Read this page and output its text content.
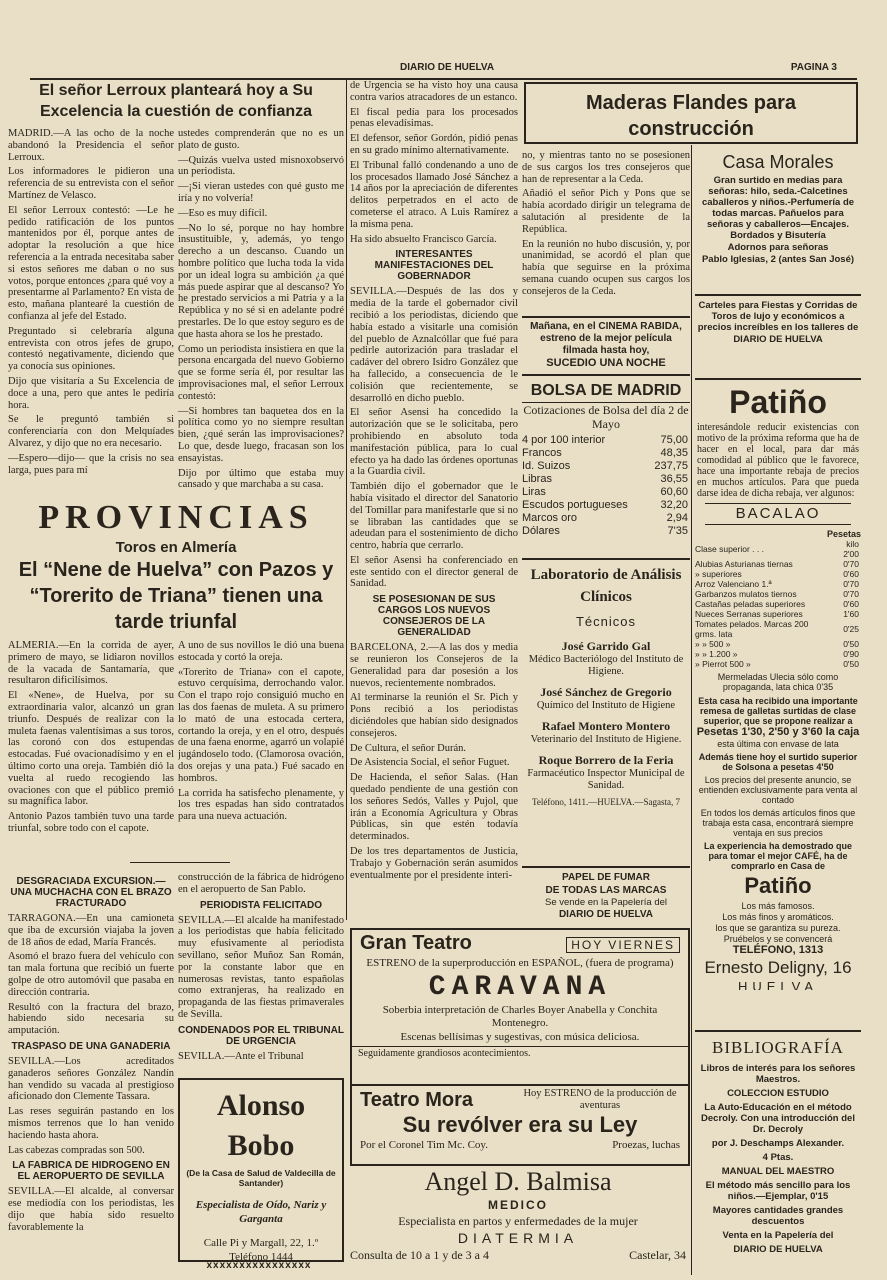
DIARIO DE HUELVA	PAGINA 3
El señor Lerroux planteará hoy a Su Excelencia la cuestión de confianza

MADRID.—A las ocho de la noche abandonó la Presidencia el señor Lerroux.

Los informadores le pidieron una referencia de su entrevista con el señor Martínez de Velasco.

El señor Lerroux contestó: —Le he pedido ratificación de los puntos mantenidos por él, porque antes de adoptar la resolución a que hice referencia a la entrada necesitaba saber si estos señores me daban o no sus votos, porque entonces ¿para qué voy a presentarme al Parlamento? En vista de esto, mañana plantearé la cuestión de confianza al jefe del Estado.

Preguntado si celebraría alguna entrevista con otros jefes de grupo, contestó negativamente, diciendo que ya conocía sus opiniones.

Dijo que visitaría a Su Excelencia de doce a una, pero que antes le pediría hora.

Se le preguntó también si conferenciaría con don Melquíades Alvarez, y dijo que no era necesario.

—Espero—dijo— que la crisis no sea larga, pues para mí

ustedes comprenderán que no es un plato de gusto.

—Quizás vuelva usted misnoxobservó un periodista.

—¡Si vieran ustedes con qué gusto me iría y no volvería!

—Eso es muy difícil.

—No lo sé, porque no hay hombre insustituible, y, además, yo tengo derecho a un descanso. Cuando un hombre político que lucha toda la vida por un ideal logra su ambición ¿a qué más puede aspirar que al descanso? Yo he prestado servicios a mi Patria y a la República y no sé si en adelante podré prestarles. De lo que estoy seguro es de que hasta ahora se los he prestado.

Como un periodista insistiera en que la persona encargada del nuevo Gobierno que se forme sería él, por resultar las improvisaciones mal, el señor Lerroux contestó:

—Si hombres tan baquetea dos en la política como yo no siempre resultan bien, ¿qué serán las improvisaciones? Lo que, desde luego, fracasan son los ensayistas.

Dijo por último que estaba muy cansado y que marchaba a su casa.

PROVINCIAS
Toros en Almería
El “Nene de Huelva” con Pazos y “Torerito de Triana” tienen una tarde triunfal

ALMERIA.—En la corrida de ayer, primero de mayo, se lidiaron novillos de la vacada de Santamaría, que resultaron dificilísimos.

El «Nene», de Huelva, por su extraordinaria valor, alcanzó un gran triunfo. Después de realizar con la muleta faenas valentísimas a sus toros, las coronó con dos estupendas estocadas. Fué ovacionadísimo y en el último corto una oreja. También dió la vuelta al ruedo recogiendo las ovaciones con que el público premió su magnífica labor.

Antonio Pazos también tuvo una tarde triunfal, sobre todo con el capote.

A uno de sus novillos le dió una buena estocada y cortó la oreja.

«Torerito de Triana» con el capote, estuvo cerquísima, derrochando valor. Con el trapo rojo consiguió mucho en las dos faenas de muleta. A su primero lo mató de una estocada certera, cortando la oreja, y en el otro, después de una faena enorme, agarró un volapié jugándoselo todo. (Clamorosa ovación, dos orejas y una pata.) Fué sacado en hombros.

La corrida ha satisfecho plenamente, y los tres espadas han sido contratados para una nueva actuación.

DESGRACIADA EXCURSION.—UNA MUCHACHA CON EL BRAZO FRACTURADO

TARRAGONA.—En una camioneta que iba de excursión viajaba la joven de 18 años de edad, María Francés.

Asomó el brazo fuera del vehículo con tan mala fortuna que recibió un fuerte golpe de otro automóvil que pasaba en dirección contraria.

Resultó con la fractura del brazo, habiendo sido necesaria su amputación.

TRASPASO DE UNA GANADERIA

SEVILLA.—Los acreditados ganaderos señores González Nandín han vendido su vacada al prestigioso aficionado don Clemente Tassara.

Las reses seguirán pastando en los mismos terrenos que lo han venido haciendo hasta ahora.

Las cabezas compradas son 500.

LA FABRICA DE HIDROGENO EN EL AEROPUERTO DE SEVILLA

SEVILLA.—El alcalde, al conversar ese mediodía con los periodistas, les dijo que había sido resuelto favorablemente la

construcción de la fábrica de hidrógeno en el aeropuerto de San Pablo.

PERIODISTA FELICITADO

SEVILLA.—El alcalde ha manifestado a los periodistas que había felicitado muy efusivamente al periodista sevillano, señor Muñoz San Román, por la constante labor que en numerosas revistas, tanto españolas como extranjeras, ha realizado en propaganda de las fiestas primaverales de Sevilla.

CONDENADOS POR EL TRIBUNAL DE URGENCIA

SEVILLA.—Ante el Tribunal

Alonso Bobo
(De la Casa de Salud de Valdecilla de Santander)
Especialista de Oído, Nariz y Garganta
Calle Pi y Margall, 22, 1.º
Teléfono 1444
xxxxxxxxxxxxxxxx

de Urgencia se ha visto hoy una causa contra varios atracadores de un estanco.

El fiscal pedía para los procesados penas elevadísimas.

El defensor, señor Gordón, pidió penas en su grado mínimo alternativamente.

El Tribunal falló condenando a uno de los procesados llamado José Sánchez a 14 años por la apreciación de diferentes delitos perpetrados en el acto de cometerse el atraco. A Luis Ramírez a la misma pena.

Ha sido absuelto Francisco García.

INTERESANTES MANIFESTACIONES DEL GOBERNADOR

SEVILLA.—Después de las dos y media de la tarde el gobernador civil recibió a los periodistas, diciendo que había estado a visitarle una comisión del pueblo de Aznalcóllar que fué para pedirle autorización para trasladar el cadáver del obrero Isidro González que ha fallecido, a consecuencia de le colisión que recientemente, se desarrolló en dicho pueblo.

El señor Asensi ha concedido la autorización que se le solicitaba, pero prohibiendo en absoluto toda manifestación pública, para lo cual efecto ya ha dado las órdenes oportunas a la Guardia civil.

También dijo el gobernador que le había visitado el director del Sanatorio del Tomillar para manifestarle que si no se libraban las cantidades que se adeudan para el sostenimiento de dicho centro, habría que cerrarlo.

El señor Asensi ha conferenciado en este sentido con el director general de Sanidad.

SE POSESIONAN DE SUS CARGOS LOS NUEVOS CONSEJEROS DE LA GENERALIDAD

BARCELONA, 2.—A las dos y media se reunieron los Consejeros de la Generalidad para dar posesión a los nuevos, recientemente nombrados.

Al terminarse la reunión el Sr. Pich y Pons recibió a los periodistas diciéndoles que habían sido designados consejeros.

De Cultura, el señor Durán.

De Asistencia Social, el señor Fuguet.

De Hacienda, el señor Salas. (Han quedado pendiente de una gestión con los señores Sedós, Valles y Pujol, que irán a Economía Agricultura y Obras Públicas, sin que estén todavía determinados.

De los tres departamentos de Justicia, Trabajo y Gobernación serán asumidos eventualmente por el presidente interi-

Maderas Flandes para construcción

no, y mientras tanto no se posesionen de sus cargos los tres consejeros que han de representar a la Ceda.

Añadió el señor Pich y Pons que se había acordado dirigir un telegrama de salutación al presidente de la República.

En la reunión no hubo discusión, y, por unanimidad, se acordó el plan que había que seguirse en la próxima semana cuando ocupen sus cargos los consejeros de la Ceda.

Mañana, en el CINEMA RABIDA, estreno de la mejor película filmada hasta hoy,
SUCEDIO UNA NOCHE
BOLSA DE MADRID
Cotizaciones de Bolsa del día 2 de Mayo
4 por 100 interior	75,00
Francos	48,35
Id. Suizos	237,75
Libras	36,55
Liras	60,60
Escudos portugueses	32,20
Marcos oro	2,94
Dólares	7'35
Laboratorio de Análisis Clínicos
Técnicos
José Garrido Gal
Médico Bacteriólogo del Instituto de Higiene.
José Sánchez de Gregorio
Químico del Instituto de Higiene
Rafael Montero Montero
Veterinario del Instituto de Higiene.
Roque Borrero de la Feria
Farmacéutico Inspector Municipal de Sanidad.
Teléfono, 1411.—HUELVA.—Sagasta, 7
PAPEL DE FUMAR
DE TODAS LAS MARCAS
Se vende en la Papelería del
DIARIO DE HUELVA
Gran Teatro	HOY VIERNES
ESTRENO de la superproducción en ESPAÑOL, (fuera de programa)
CARAVANA
Soberbia interpretación de Charles Boyer Anabella y Conchita Montenegro.
Escenas bellísimas y sugestivas, con música deliciosa.
Seguidamente grandiosos acontecimientos.
Teatro Mora	Hoy ESTRENO de la producción de aventuras
Su revólver era su Ley
Por el Coronel Tim Mc. Coy.	Proezas, luchas
Angel D. Balmisa
MEDICO
Especialista en partos y enfermedades de la mujer
DIATERMIA
Consulta de 10 a 1 y de 3 a 4	Castelar, 34
Casa Morales
Gran surtido en medias para señoras: hilo, seda.-Calcetines caballeros y niños.-Perfumería de todas marcas. Pañuelos para señoras y caballeros—Encajes. Bordados y Bisutería
Adornos para señoras
Pablo Iglesias, 2 (antes San José)
Carteles para Fiestas y Corridas de Toros de lujo y económicos a precios increíbles en los talleres de
DIARIO DE HUELVA
Patiño

interesándole reducir existencias con motivo de la próxima reforma que ha de hacer en el local, para dar más comodidad al público que le favorece, hace una importante rebaja de precios en muchos artículos. Para que pueda darse idea de dicha rebaja, ver algunos:

BACALAO
Pesetas
Clase superior . . .	kilo 2'00
Alubias Asturianas tiernas	0'70
» superiores	0'60
Arroz Valenciano 1.ª	0'70
Garbanzos mulatos tiernos	0'70
Castañas peladas superiores	0'60
Nueces Serranas superiores	1'60
Tomates pelados. Marcas 200 grms. lata	0'25
» » 500 »	0'50
» » 1.200 »	0'90
» Pierrot 500 »	0'50
Mermeladas Ulecia sólo como propaganda, lata chica 0'35
Esta casa ha recibido una importante remesa de galletas surtidas de clase superior, que se propone realizar a
Pesetas 1'30, 2'50 y 3'60 la caja
esta última con envase de lata
Además tiene hoy el surtido superior de Solsona a pesetas 4'50
Los precios del presente anuncio, se entienden exclusivamente para venta al contado
En todos los demás artículos finos que trabaja esta casa, encontrará siempre ventaja en sus precios
La experiencia ha demostrado que para tomar el mejor CAFÉ, ha de comprarlo en Casa de
Patiño
Los más famosos.
Los más finos y aromáticos.
los que se garantiza su pureza.
Pruébelos y se convencerá
TELÉFONO, 1313
Ernesto Deligny, 16
HUELVA
BIBLIOGRAFÍA
Libros de interés para los señores Maestros.
COLECCION ESTUDIO
La Auto-Educación en el método Decroly. Con una introducción del Dr. Decroly
por J. Deschamps Alexander.
4 Ptas.
MANUAL DEL MAESTRO
El método más sencillo para los niños.—Ejemplar, 0'15
Mayores cantidades grandes descuentos
Venta en la Papelería del
DIARIO DE HUELVA
